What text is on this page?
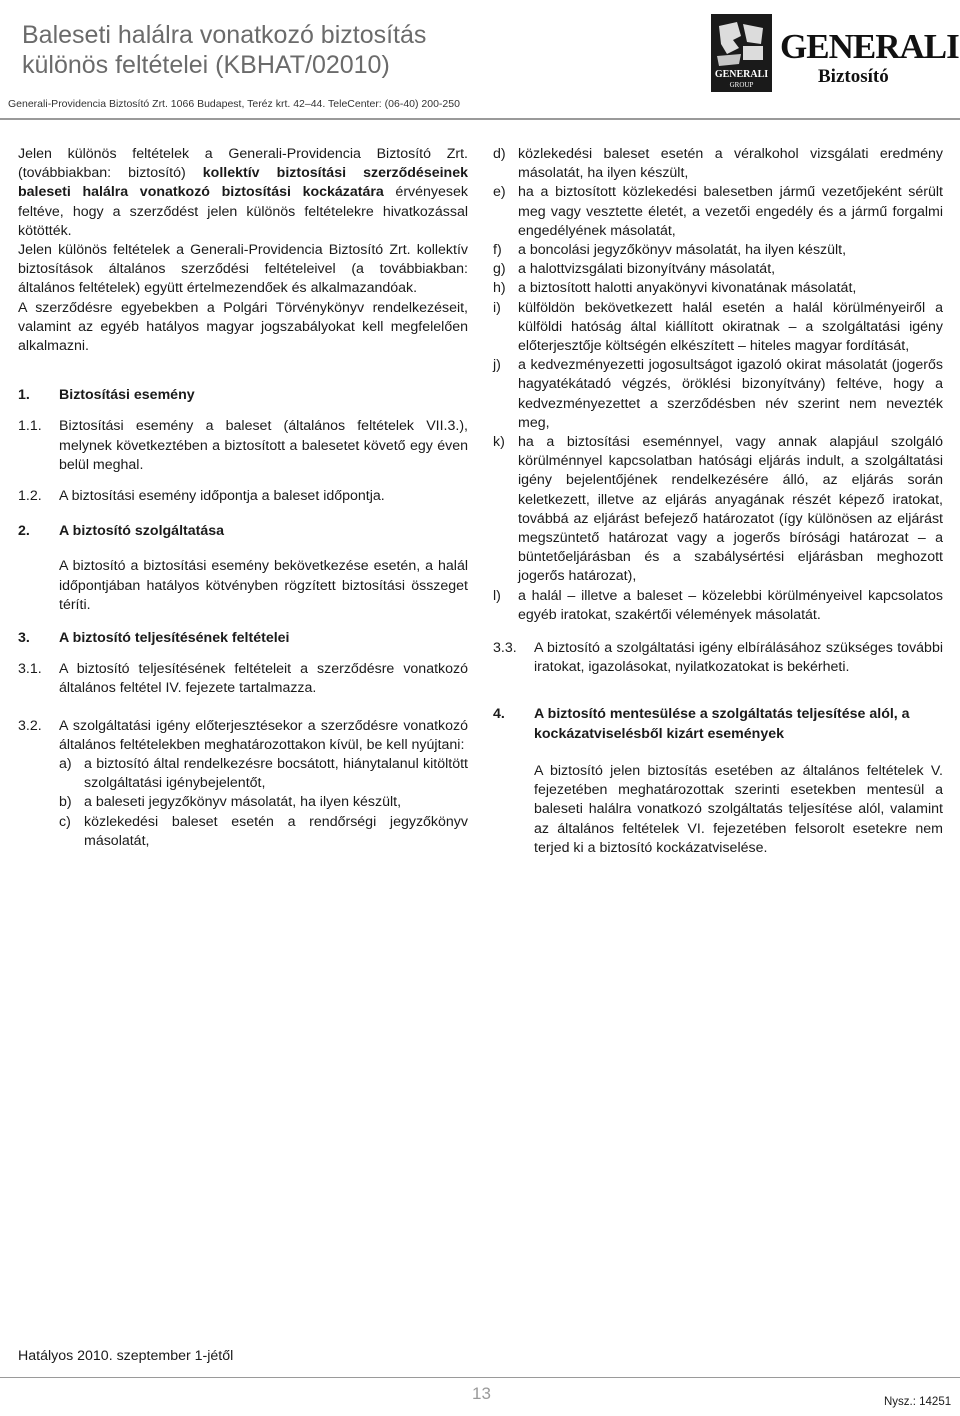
Baleseti halálra vonatkozó biztosítás
különös feltételei (KBHAT/02010)
Generali-Providencia Biztosító Zrt. 1066 Budapest, Teréz krt. 42–44. TeleCenter: (06-40) 200-250
GENERALI
GROUP
GENERALI
Biztosító

Jelen különös feltételek a Generali-Providencia Biztosító Zrt. (továbbiakban: biztosító) kollektív biztosítási szerződéseinek baleseti halálra vonatkozó biztosítási kockázatára érvényesek feltéve, hogy a szerződést jelen különös feltételekre hivatkozással kötötték.

Jelen különös feltételek a Generali-Providencia Biztosító Zrt. kollektív biztosítások általános szerződési feltételeivel (a továbbiakban: általános feltételek) együtt értelmezendőek és alkalmazandóak.

A szerződésre egyebekben a Polgári Törvénykönyv rendelkezéseit, valamint az egyéb hatályos magyar jogszabályokat kell megfelelően alkalmazni.

1.	Biztosítási esemény
1.1.	Biztosítási esemény a baleset (általános feltételek VII.3.), melynek következtében a biztosított a balesetet követő egy éven belül meghal.
1.2.	A biztosítási esemény időpontja a baleset időpontja.
2.	A biztosító szolgáltatása

A biztosító a biztosítási esemény bekövetkezése esetén, a halál időpontjában hatályos kötvényben rögzített biztosítási összeget téríti.

3.	A biztosító teljesítésének feltételei
3.1.	A biztosító teljesítésének feltételeit a szerződésre vonatkozó általános feltétel IV. fejezete tartalmazza.
3.2.	A szolgáltatási igény előterjesztésekor a szerződésre vonatkozó általános feltételekben meghatározottakon kívül, be kell nyújtani:

a) a biztosító által rendelkezésre bocsátott, hiánytalanul kitöltött szolgáltatási igénybejelentőt,
b) a baleseti jegyzőkönyv másolatát, ha ilyen készült,
c) közlekedési baleset esetén a rendőrségi jegyzőkönyv másolatát,
d) közlekedési baleset esetén a véralkohol vizsgálati eredmény másolatát, ha ilyen készült,
e) ha a biztosított közlekedési balesetben jármű vezetőjeként sérült meg vagy vesztette életét, a vezetői engedély és a jármű forgalmi engedélyének másolatát,
f)	a boncolási jegyzőkönyv másolatát, ha ilyen készült,
g) a halottvizsgálati bizonyítvány másolatát,
h) a biztosított halotti anyakönyvi kivonatának másolatát,
i)	külföldön bekövetkezett halál esetén a halál körülményeiről a külföldi hatóság által kiállított okiratnak – a szolgáltatási igény előterjesztője költségén elkészített – hiteles magyar fordítását,
j)	a kedvezményezetti jogosultságot igazoló okirat másolatát (jogerős hagyatékátadó végzés, öröklési bizonyítvány) feltéve, hogy a kedvezményezettet a szerződésben név szerint nem nevezték meg,
k) ha a biztosítási eseménnyel, vagy annak alapjául szolgáló körülménnyel kapcsolatban hatósági eljárás indult, a szolgáltatási igény bejelentőjének rendelkezésére álló, az eljárás során keletkezett, illetve az eljárás anyagának részét képező iratokat, továbbá az eljárást befejező határozatot (így különösen az eljárást megszüntető határozat vagy a jogerős bírósági határozat – a büntetőeljárásban és a szabálysértési eljárásban meghozott jogerős határozat),
l)	a halál – illetve a baleset – közelebbi körülményeivel kapcsolatos egyéb iratokat, szakértői vélemények másolatát.
3.3.	A biztosító a szolgáltatási igény elbírálásához szükséges további iratokat, igazolásokat, nyilatkozatokat is bekérheti.
4.	A biztosító mentesülése a szolgáltatás teljesítése alól, a kockázatviselésből kizárt események

A biztosító jelen biztosítás esetében az általános feltételek V. fejezetében meghatározottak szerinti esetekben mentesül a baleseti halálra vonatkozó szolgáltatás teljesítése alól, valamint az általános feltételek VI. fejezetében felsorolt esetekre nem terjed ki a biztosító kockázatviselése.

Hatályos 2010. szeptember 1-jétől
13	Nysz.: 14251
